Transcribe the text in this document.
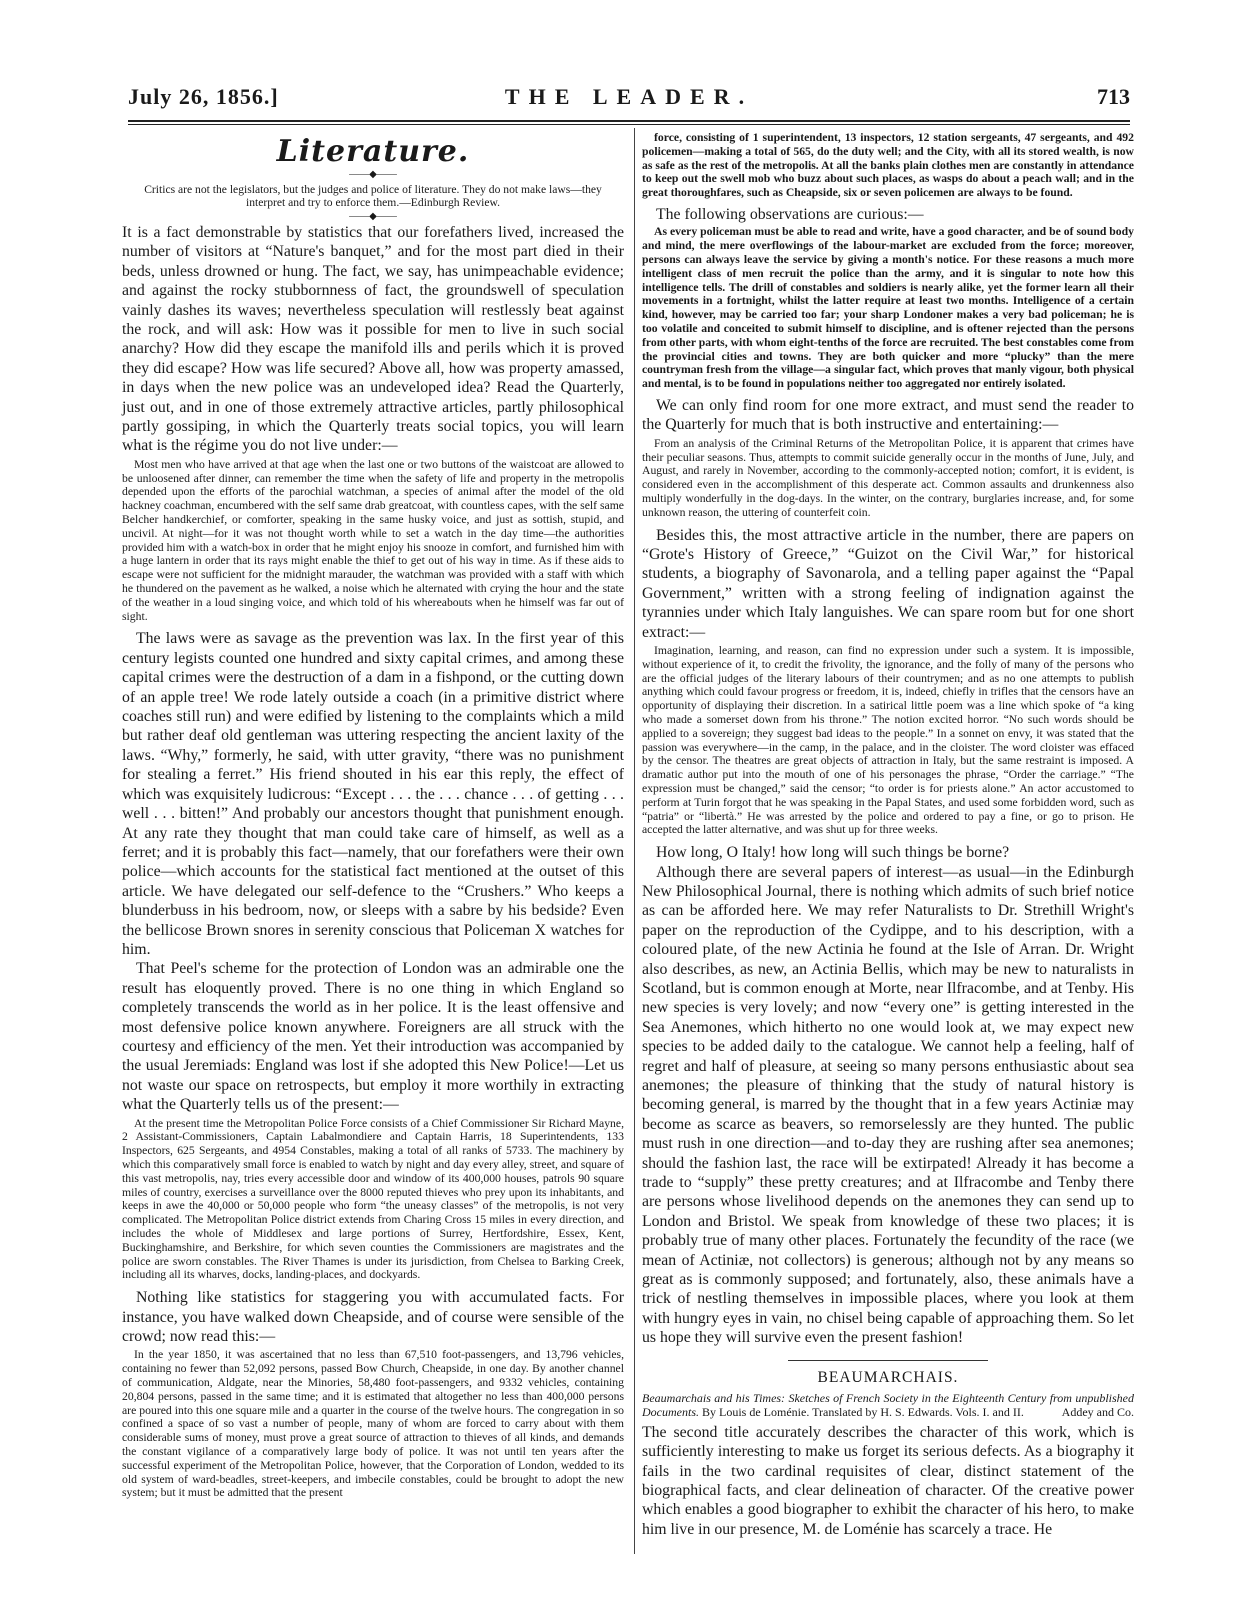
July 26, 1856.]	THE LEADER.	713
Literature.
——◆——
Critics are not the legislators, but the judges and police of literature. They do not make laws—they interpret and try to enforce them.—Edinburgh Review.
——◆——

It is a fact demonstrable by statistics that our forefathers lived, increased the number of visitors at “Nature's banquet,” and for the most part died in their beds, unless drowned or hung. The fact, we say, has unimpeachable evidence; and against the rocky stubbornness of fact, the groundswell of speculation vainly dashes its waves; nevertheless speculation will restlessly beat against the rock, and will ask: How was it possible for men to live in such social anarchy? How did they escape the manifold ills and perils which it is proved they did escape? How was life secured? Above all, how was property amassed, in days when the new police was an undeveloped idea? Read the Quarterly, just out, and in one of those extremely attractive articles, partly philosophical partly gossiping, in which the Quarterly treats social topics, you will learn what is the régime you do not live under:—

Most men who have arrived at that age when the last one or two buttons of the waistcoat are allowed to be unloosened after dinner, can remember the time when the safety of life and property in the metropolis depended upon the efforts of the parochial watchman, a species of animal after the model of the old hackney coachman, encumbered with the self same drab greatcoat, with countless capes, with the self same Belcher handkerchief, or comforter, speaking in the same husky voice, and just as sottish, stupid, and uncivil. At night—for it was not thought worth while to set a watch in the day time—the authorities provided him with a watch-box in order that he might enjoy his snooze in comfort, and furnished him with a huge lantern in order that its rays might enable the thief to get out of his way in time. As if these aids to escape were not sufficient for the midnight marauder, the watchman was provided with a staff with which he thundered on the pavement as he walked, a noise which he alternated with crying the hour and the state of the weather in a loud singing voice, and which told of his whereabouts when he himself was far out of sight.

The laws were as savage as the prevention was lax. In the first year of this century legists counted one hundred and sixty capital crimes, and among these capital crimes were the destruction of a dam in a fishpond, or the cutting down of an apple tree! We rode lately outside a coach (in a primitive district where coaches still run) and were edified by listening to the complaints which a mild but rather deaf old gentleman was uttering respecting the ancient laxity of the laws. “Why,” formerly, he said, with utter gravity, “there was no punishment for stealing a ferret.” His friend shouted in his ear this reply, the effect of which was exquisitely ludicrous: “Except . . . the . . . chance . . . of getting . . . well . . . bitten!” And probably our ancestors thought that punishment enough. At any rate they thought that man could take care of himself, as well as a ferret; and it is probably this fact—namely, that our forefathers were their own police—which accounts for the statistical fact mentioned at the outset of this article. We have delegated our self-defence to the “Crushers.” Who keeps a blunderbuss in his bedroom, now, or sleeps with a sabre by his bedside? Even the bellicose Brown snores in serenity conscious that Policeman X watches for him.

That Peel's scheme for the protection of London was an admirable one the result has eloquently proved. There is no one thing in which England so completely transcends the world as in her police. It is the least offensive and most defensive police known anywhere. Foreigners are all struck with the courtesy and efficiency of the men. Yet their introduction was accompanied by the usual Jeremiads: England was lost if she adopted this New Police!—Let us not waste our space on retrospects, but employ it more worthily in extracting what the Quarterly tells us of the present:—

At the present time the Metropolitan Police Force consists of a Chief Commissioner Sir Richard Mayne, 2 Assistant-Commissioners, Captain Labalmondiere and Captain Harris, 18 Superintendents, 133 Inspectors, 625 Sergeants, and 4954 Constables, making a total of all ranks of 5733. The machinery by which this comparatively small force is enabled to watch by night and day every alley, street, and square of this vast metropolis, nay, tries every accessible door and window of its 400,000 houses, patrols 90 square miles of country, exercises a surveillance over the 8000 reputed thieves who prey upon its inhabitants, and keeps in awe the 40,000 or 50,000 people who form “the uneasy classes” of the metropolis, is not very complicated. The Metropolitan Police district extends from Charing Cross 15 miles in every direction, and includes the whole of Middlesex and large portions of Surrey, Hertfordshire, Essex, Kent, Buckinghamshire, and Berkshire, for which seven counties the Commissioners are magistrates and the police are sworn constables. The River Thames is under its jurisdiction, from Chelsea to Barking Creek, including all its wharves, docks, landing-places, and dockyards.

Nothing like statistics for staggering you with accumulated facts. For instance, you have walked down Cheapside, and of course were sensible of the crowd; now read this:—

In the year 1850, it was ascertained that no less than 67,510 foot-passengers, and 13,796 vehicles, containing no fewer than 52,092 persons, passed Bow Church, Cheapside, in one day. By another channel of communication, Aldgate, near the Minories, 58,480 foot-passengers, and 9332 vehicles, containing 20,804 persons, passed in the same time; and it is estimated that altogether no less than 400,000 persons are poured into this one square mile and a quarter in the course of the twelve hours. The congregation in so confined a space of so vast a number of people, many of whom are forced to carry about with them considerable sums of money, must prove a great source of attraction to thieves of all kinds, and demands the constant vigilance of a comparatively large body of police. It was not until ten years after the successful experiment of the Metropolitan Police, however, that the Corporation of London, wedded to its old system of ward-beadles, street-keepers, and imbecile constables, could be brought to adopt the new system; but it must be admitted that the present

force, consisting of 1 superintendent, 13 inspectors, 12 station sergeants, 47 sergeants, and 492 policemen—making a total of 565, do the duty well; and the City, with all its stored wealth, is now as safe as the rest of the metropolis. At all the banks plain clothes men are constantly in attendance to keep out the swell mob who buzz about such places, as wasps do about a peach wall; and in the great thoroughfares, such as Cheapside, six or seven policemen are always to be found.

The following observations are curious:—

As every policeman must be able to read and write, have a good character, and be of sound body and mind, the mere overflowings of the labour-market are excluded from the force; moreover, persons can always leave the service by giving a month's notice. For these reasons a much more intelligent class of men recruit the police than the army, and it is singular to note how this intelligence tells. The drill of constables and soldiers is nearly alike, yet the former learn all their movements in a fortnight, whilst the latter require at least two months. Intelligence of a certain kind, however, may be carried too far; your sharp Londoner makes a very bad policeman; he is too volatile and conceited to submit himself to discipline, and is oftener rejected than the persons from other parts, with whom eight-tenths of the force are recruited. The best constables come from the provincial cities and towns. They are both quicker and more “plucky” than the mere countryman fresh from the village—a singular fact, which proves that manly vigour, both physical and mental, is to be found in populations neither too aggregated nor entirely isolated.

We can only find room for one more extract, and must send the reader to the Quarterly for much that is both instructive and entertaining:—

From an analysis of the Criminal Returns of the Metropolitan Police, it is apparent that crimes have their peculiar seasons. Thus, attempts to commit suicide generally occur in the months of June, July, and August, and rarely in November, according to the commonly-accepted notion; comfort, it is evident, is considered even in the accomplishment of this desperate act. Common assaults and drunkenness also multiply wonderfully in the dog-days. In the winter, on the contrary, burglaries increase, and, for some unknown reason, the uttering of counterfeit coin.

Besides this, the most attractive article in the number, there are papers on “Grote's History of Greece,” “Guizot on the Civil War,” for historical students, a biography of Savonarola, and a telling paper against the “Papal Government,” written with a strong feeling of indignation against the tyrannies under which Italy languishes. We can spare room but for one short extract:—

Imagination, learning, and reason, can find no expression under such a system. It is impossible, without experience of it, to credit the frivolity, the ignorance, and the folly of many of the persons who are the official judges of the literary labours of their countrymen; and as no one attempts to publish anything which could favour progress or freedom, it is, indeed, chiefly in trifles that the censors have an opportunity of displaying their discretion. In a satirical little poem was a line which spoke of “a king who made a somerset down from his throne.” The notion excited horror. “No such words should be applied to a sovereign; they suggest bad ideas to the people.” In a sonnet on envy, it was stated that the passion was everywhere—in the camp, in the palace, and in the cloister. The word cloister was effaced by the censor. The theatres are great objects of attraction in Italy, but the same restraint is imposed. A dramatic author put into the mouth of one of his personages the phrase, “Order the carriage.” “The expression must be changed,” said the censor; “to order is for priests alone.” An actor accustomed to perform at Turin forgot that he was speaking in the Papal States, and used some forbidden word, such as “patria” or “libertà.” He was arrested by the police and ordered to pay a fine, or go to prison. He accepted the latter alternative, and was shut up for three weeks.

How long, O Italy! how long will such things be borne?

Although there are several papers of interest—as usual—in the Edinburgh New Philosophical Journal, there is nothing which admits of such brief notice as can be afforded here. We may refer Naturalists to Dr. Strethill Wright's paper on the reproduction of the Cydippe, and to his description, with a coloured plate, of the new Actinia he found at the Isle of Arran. Dr. Wright also describes, as new, an Actinia Bellis, which may be new to naturalists in Scotland, but is common enough at Morte, near Ilfracombe, and at Tenby. His new species is very lovely; and now “every one” is getting interested in the Sea Anemones, which hitherto no one would look at, we may expect new species to be added daily to the catalogue. We cannot help a feeling, half of regret and half of pleasure, at seeing so many persons enthusiastic about sea anemones; the pleasure of thinking that the study of natural history is becoming general, is marred by the thought that in a few years Actiniæ may become as scarce as beavers, so remorselessly are they hunted. The public must rush in one direction—and to-day they are rushing after sea anemones; should the fashion last, the race will be extirpated! Already it has become a trade to “supply” these pretty creatures; and at Ilfracombe and Tenby there are persons whose livelihood depends on the anemones they can send up to London and Bristol. We speak from knowledge of these two places; it is probably true of many other places. Fortunately the fecundity of the race (we mean of Actiniæ, not collectors) is generous; although not by any means so great as is commonly supposed; and fortunately, also, these animals have a trick of nestling themselves in impossible places, where you look at them with hungry eyes in vain, no chisel being capable of approaching them. So let us hope they will survive even the present fashion!

BEAUMARCHAIS.
Beaumarchais and his Times: Sketches of French Society in the Eighteenth Century from unpublished Documents. By Louis de Loménie. Translated by H. S. Edwards. Vols. I. and II.	Addey and Co.

The second title accurately describes the character of this work, which is sufficiently interesting to make us forget its serious defects. As a biography it fails in the two cardinal requisites of clear, distinct statement of the biographical facts, and clear delineation of character. Of the creative power which enables a good biographer to exhibit the character of his hero, to make him live in our presence, M. de Loménie has scarcely a trace. He
